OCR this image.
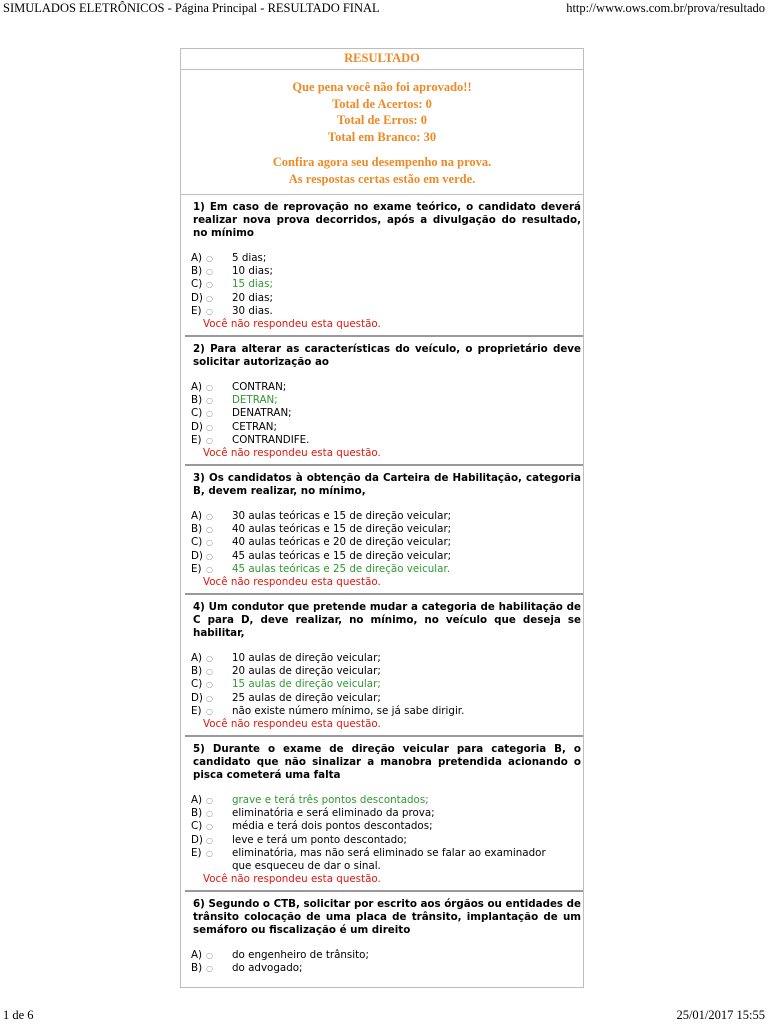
SIMULADOS ELETRÔNICOS - Página Principal - RESULTADO FINAL	http://www.ows.com.br/prova/resultado
RESULTADO
Que pena você não foi aprovado!!
Total de Acertos: 0
Total de Erros: 0
Total em Branco: 30
Confira agora seu desempenho na prova.
As respostas certas estão em verde.
1) Em caso de reprovação no exame teórico, o candidato deverá realizar nova prova decorridos, após a divulgação do resultado, no mínimo
A) ○	5 dias;
B) ○	10 dias;
C) ○	15 dias;
D) ○	20 dias;
E) ○	30 dias.
Você não respondeu esta questão.
2) Para alterar as características do veículo, o proprietário deve solicitar autorização ao
A) ○	CONTRAN;
B) ○	DETRAN;
C) ○	DENATRAN;
D) ○	CETRAN;
E) ○	CONTRANDIFE.
Você não respondeu esta questão.
3) Os candidatos à obtenção da Carteira de Habilitação, categoria B, devem realizar, no mínimo,
A) ○	30 aulas teóricas e 15 de direção veicular;
B) ○	40 aulas teóricas e 15 de direção veicular;
C) ○	40 aulas teóricas e 20 de direção veicular;
D) ○	45 aulas teóricas e 15 de direção veicular;
E) ○	45 aulas teóricas e 25 de direção veicular.
Você não respondeu esta questão.
4) Um condutor que pretende mudar a categoria de habilitação de C para D, deve realizar, no mínimo, no veículo que deseja se habilitar,
A) ○	10 aulas de direção veicular;
B) ○	20 aulas de direção veicular;
C) ○	15 aulas de direção veicular;
D) ○	25 aulas de direção veicular;
E) ○	não existe número mínimo, se já sabe dirigir.
Você não respondeu esta questão.
5) Durante o exame de direção veicular para categoria B, o candidato que não sinalizar a manobra pretendida acionando o pisca cometerá uma falta
A) ○	grave e terá três pontos descontados;
B) ○	eliminatória e será eliminado da prova;
C) ○	média e terá dois pontos descontados;
D) ○	leve e terá um ponto descontado;
E) ○	eliminatória, mas não será eliminado se falar ao examinador que esqueceu de dar o sinal.
Você não respondeu esta questão.
6) Segundo o CTB, solicitar por escrito aos órgãos ou entidades de trânsito colocação de uma placa de trânsito, implantação de um semáforo ou fiscalização é um direito
A) ○	do engenheiro de trânsito;
B) ○	do advogado;
1 de 6	25/01/2017 15:55
